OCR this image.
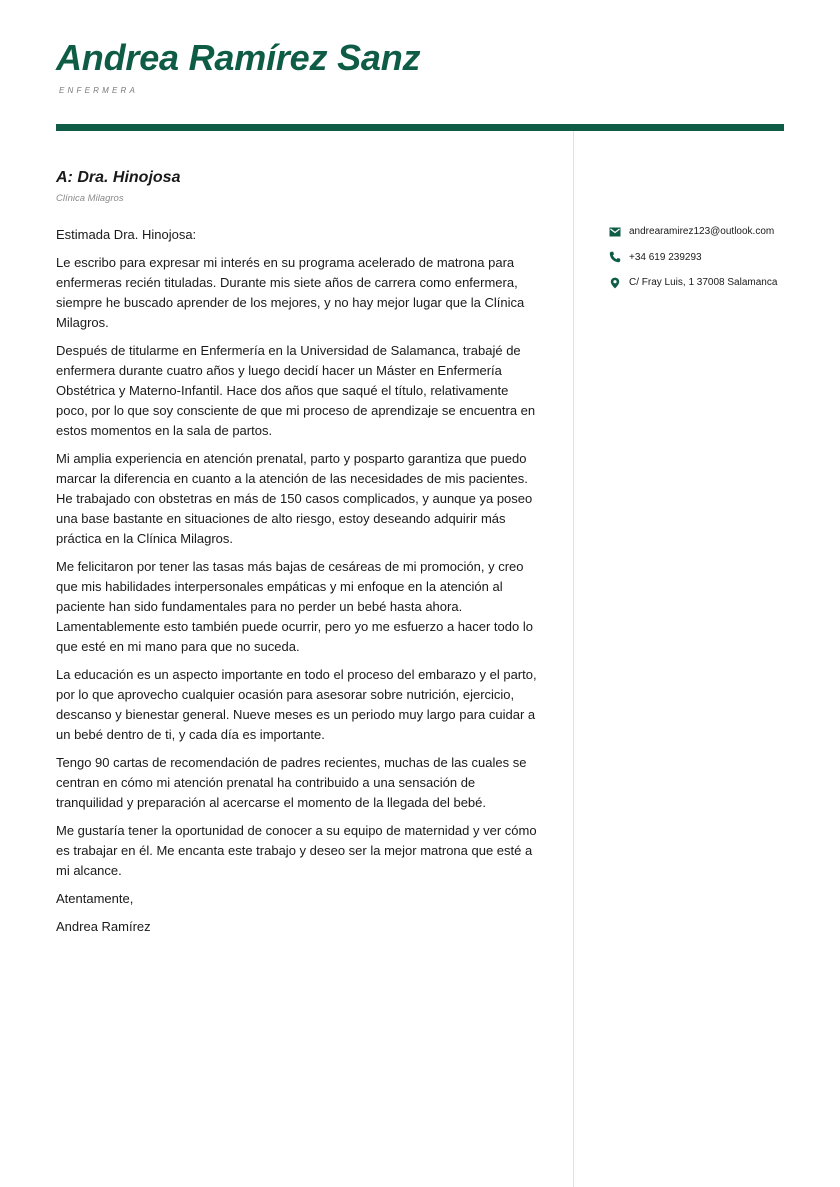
Andrea Ramírez Sanz
ENFERMERA
A: Dra. Hinojosa
Clínica Milagros

Estimada Dra. Hinojosa:

Le escribo para expresar mi interés en su programa acelerado de matrona para enfermeras recién tituladas. Durante mis siete años de carrera como enfermera, siempre he buscado aprender de los mejores, y no hay mejor lugar que la Clínica Milagros.

Después de titularme en Enfermería en la Universidad de Salamanca, trabajé de enfermera durante cuatro años y luego decidí hacer un Máster en Enfermería Obstétrica y Materno-Infantil. Hace dos años que saqué el título, relativamente poco, por lo que soy consciente de que mi proceso de aprendizaje se encuentra en estos momentos en la sala de partos.

Mi amplia experiencia en atención prenatal, parto y posparto garantiza que puedo marcar la diferencia en cuanto a la atención de las necesidades de mis pacientes. He trabajado con obstetras en más de 150 casos complicados, y aunque ya poseo una base bastante en situaciones de alto riesgo, estoy deseando adquirir más práctica en la Clínica Milagros.

Me felicitaron por tener las tasas más bajas de cesáreas de mi promoción, y creo que mis habilidades interpersonales empáticas y mi enfoque en la atención al paciente han sido fundamentales para no perder un bebé hasta ahora. Lamentablemente esto también puede ocurrir, pero yo me esfuerzo a hacer todo lo que esté en mi mano para que no suceda.

La educación es un aspecto importante en todo el proceso del embarazo y el parto, por lo que aprovecho cualquier ocasión para asesorar sobre nutrición, ejercicio, descanso y bienestar general. Nueve meses es un periodo muy largo para cuidar a un bebé dentro de ti, y cada día es importante.

Tengo 90 cartas de recomendación de padres recientes, muchas de las cuales se centran en cómo mi atención prenatal ha contribuido a una sensación de tranquilidad y preparación al acercarse el momento de la llegada del bebé.

Me gustaría tener la oportunidad de conocer a su equipo de maternidad y ver cómo es trabajar en él. Me encanta este trabajo y deseo ser la mejor matrona que esté a mi alcance.

Atentamente,

Andrea Ramírez

andrearamirez123@outlook.com
+34 619 239293
C/ Fray Luis, 1 37008 Salamanca
